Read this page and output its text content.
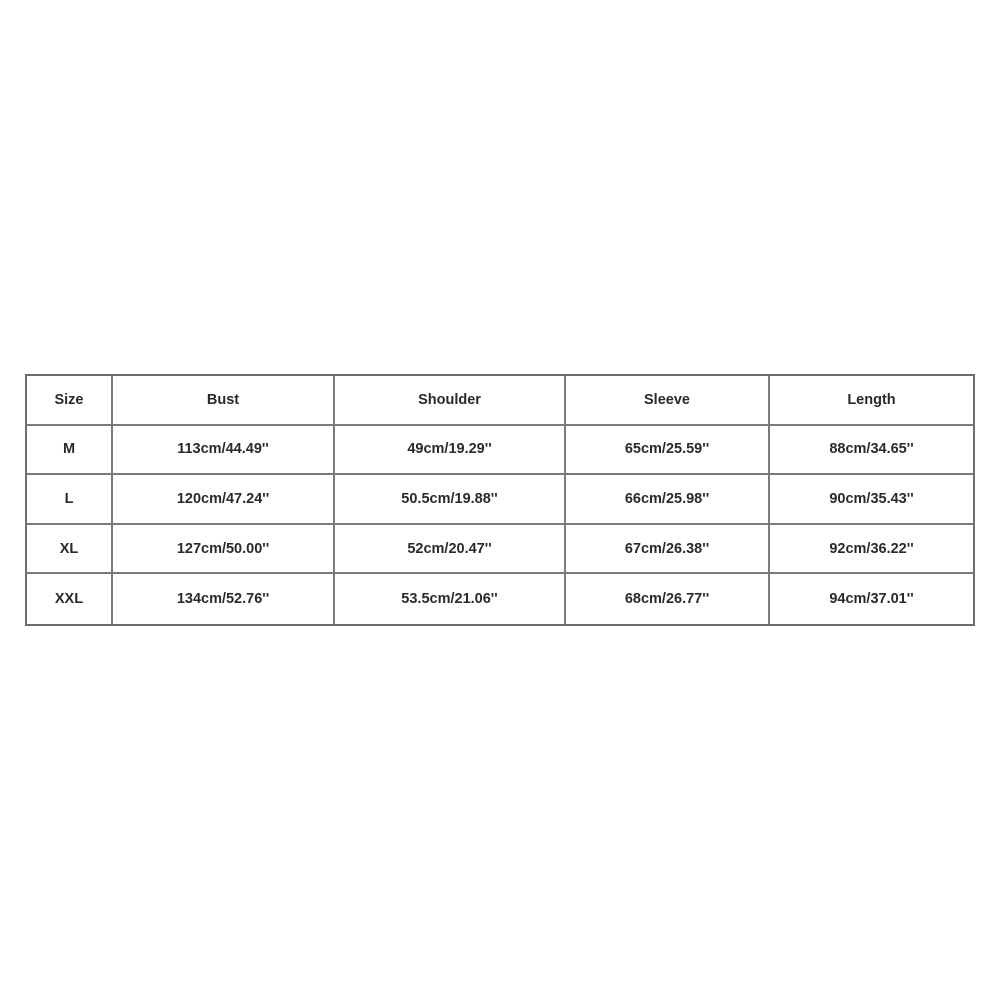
Size	Bust	Shoulder	Sleeve	Length
M	113cm/44.49''	49cm/19.29''	65cm/25.59''	88cm/34.65''
L	120cm/47.24''	50.5cm/19.88''	66cm/25.98''	90cm/35.43''
XL	127cm/50.00''	52cm/20.47''	67cm/26.38''	92cm/36.22''
XXL	134cm/52.76''	53.5cm/21.06''	68cm/26.77''	94cm/37.01''
